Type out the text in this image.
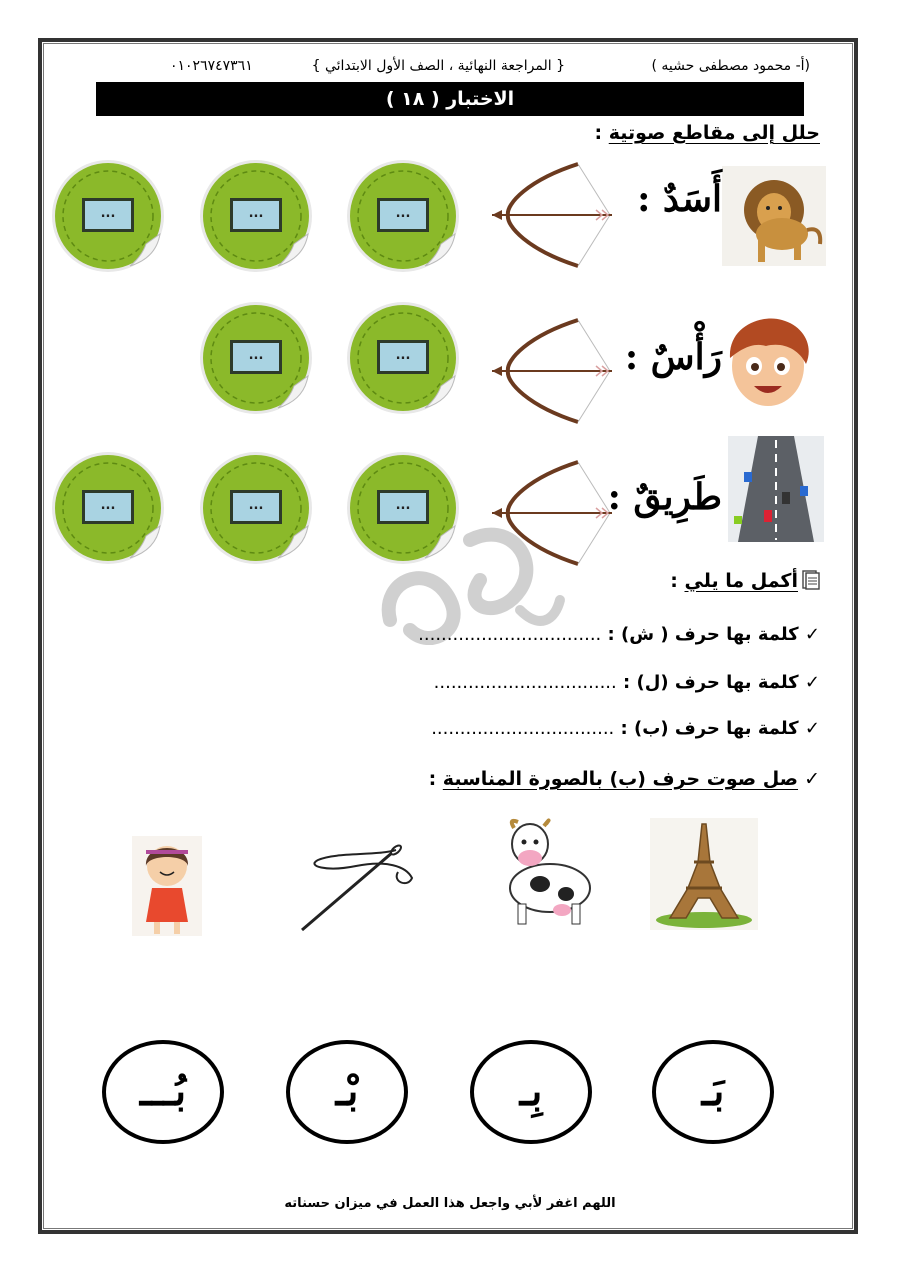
(أ- محمود مصطفى حشيه )
{ المراجعة النهائية ، الصف الأول الابتدائي }
٠١٠٢٦٧٤٧٣٦١
الاختبار ( ١٨ )
حلل إلى مقاطع صوتية :
أَسَدٌ :
رَأْسٌ :
طَرِيقٌ :
...
...
...
...
...
...
...
...
أكمل ما يلي :
✓ كلمة بها حرف ( ش) : ................................
✓ كلمة بها حرف (ل) : ................................
✓ كلمة بها حرف (ب) : ................................
✓ صل صوت حرف (ب) بالصورة المناسبة :
بَـ
بِـ
بْـ
بُـــ
اللهم اغفر لأبي واجعل هذا العمل في ميزان حسناته
